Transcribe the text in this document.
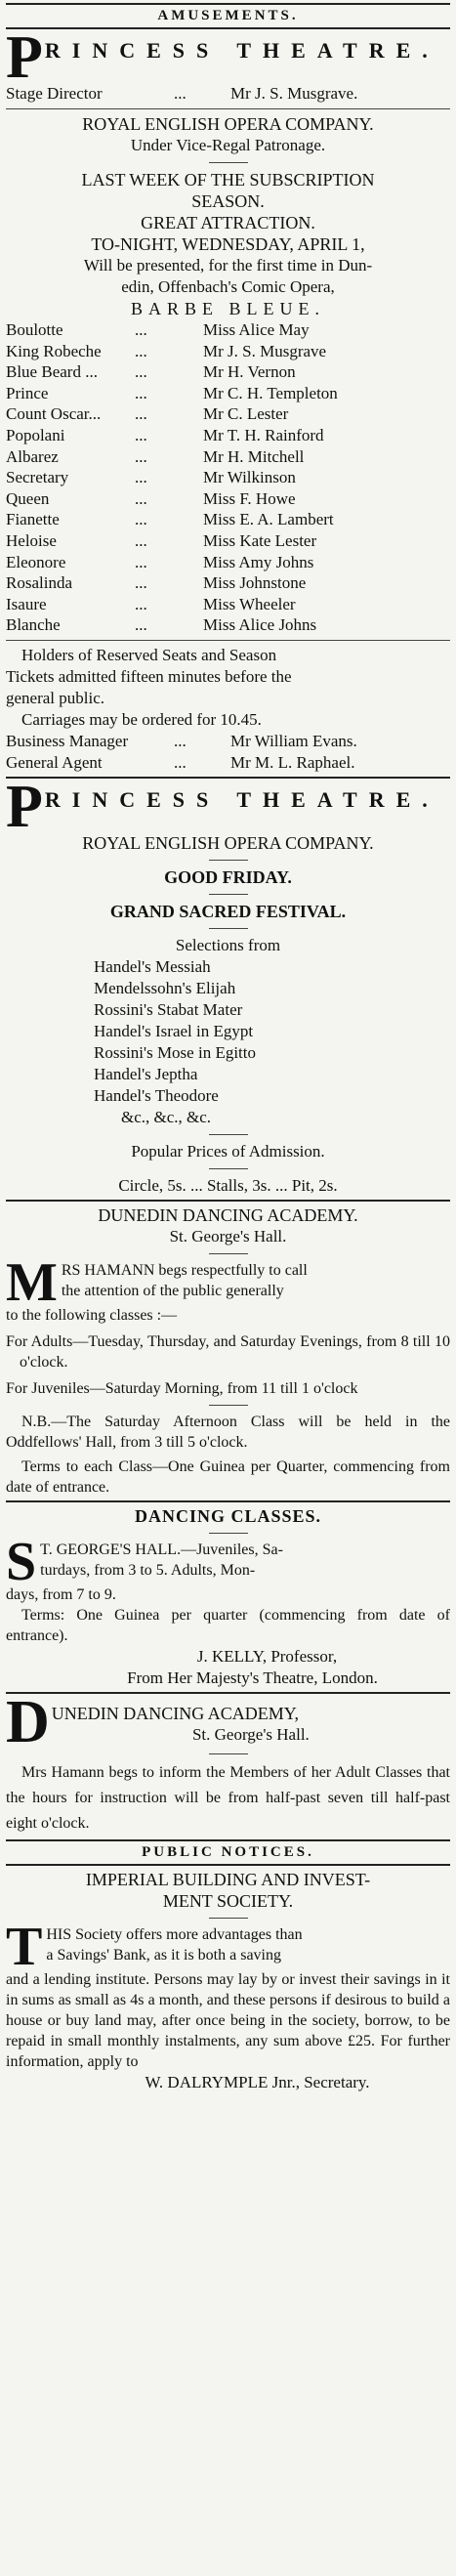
AMUSEMENTS.
P RINCESS THEATRE.
Stage Director	...	Mr J. S. Musgrave.
ROYAL ENGLISH OPERA COMPANY.
Under Vice-Regal Patronage.
LAST WEEK OF THE SUBSCRIPTION
SEASON.
GREAT ATTRACTION.
TO-NIGHT, WEDNESDAY, APRIL 1,
Will be presented, for the first time in Dun-
edin, Offenbach's Comic Opera,
BARBE BLEUE.
Boulotte	...	Miss Alice May
King Robeche	...	Mr J. S. Musgrave
Blue Beard ...	...	Mr H. Vernon
Prince	...	Mr C. H. Templeton
Count Oscar...	...	Mr C. Lester
Popolani	...	Mr T. H. Rainford
Albarez	...	Mr H. Mitchell
Secretary	...	Mr Wilkinson
Queen	...	Miss F. Howe
Fianette	...	Miss E. A. Lambert
Heloise	...	Miss Kate Lester
Eleonore	...	Miss Amy Johns
Rosalinda	...	Miss Johnstone
Isaure	...	Miss Wheeler
Blanche	...	Miss Alice Johns
Holders of Reserved Seats and Season
Tickets admitted fifteen minutes before the
general public.
Carriages may be ordered for 10.45.
Business Manager	...	Mr William Evans.
General Agent	...	Mr M. L. Raphael.
P RINCESS THEATRE.
ROYAL ENGLISH OPERA COMPANY.
GOOD FRIDAY.
GRAND SACRED FESTIVAL.
Selections from
Handel's Messiah
Mendelssohn's Elijah
Rossini's Stabat Mater
Handel's Israel in Egypt
Rossini's Mose in Egitto
Handel's Jeptha
Handel's Theodore
&c., &c., &c.
Popular Prices of Admission.
Circle, 5s. ... Stalls, 3s. ... Pit, 2s.
DUNEDIN DANCING ACADEMY.
St. George's Hall.
M RS HAMANN begs respectfully to call
the attention of the public generally
to the following classes :—
For Adults—Tuesday, Thursday, and Saturday Evenings, from 8 till 10 o'clock.
For Juveniles—Saturday Morning, from 11 till 1 o'clock
N.B.—The Saturday Afternoon Class will be held in the Oddfellows' Hall, from 3 till 5 o'clock.
Terms to each Class—One Guinea per Quarter, commencing from date of entrance.
DANCING CLASSES.
S T. GEORGE'S HALL.—Juveniles, Sa-
turdays, from 3 to 5. Adults, Mon-
days, from 7 to 9.
Terms: One Guinea per quarter (commencing from date of entrance).
J. KELLY, Professor,
From Her Majesty's Theatre, London.
D UNEDIN DANCING ACADEMY,
St. George's Hall.
Mrs Hamann begs to inform the Members of her Adult Classes that the hours for instruction will be from half-past seven till half-past eight o'clock.
PUBLIC NOTICES.
IMPERIAL BUILDING AND INVEST-
MENT SOCIETY.
T HIS Society offers more advantages than
a Savings' Bank, as it is both a saving
and a lending institute. Persons may lay by or invest their savings in it in sums as small as 4s a month, and these persons if desirous to build a house or buy land may, after once being in the society, borrow, to be repaid in small monthly instalments, any sum above £25. For further information, apply to
W. DALRYMPLE Jnr., Secretary.
